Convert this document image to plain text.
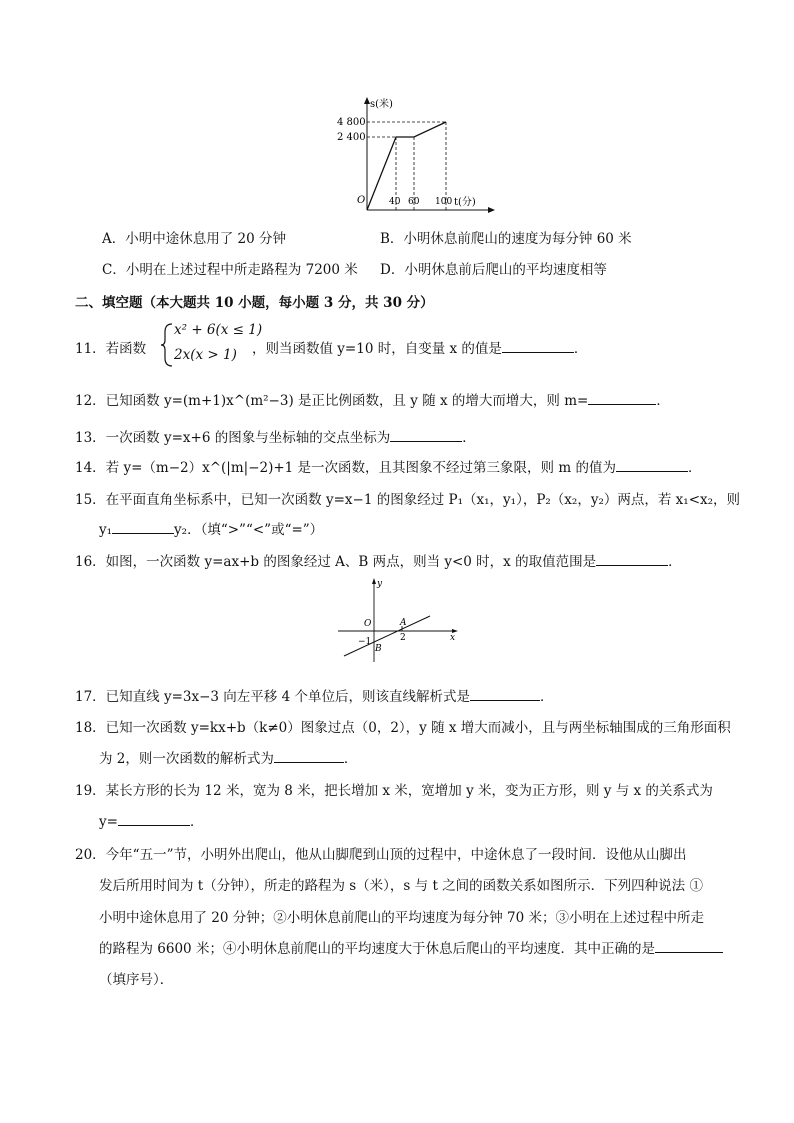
s(米)
4 800
2 400
O	40 60 100 t(分)
A．小明中途休息用了 20 分钟	B．小明休息前爬山的速度为每分钟 60 米
C．小明在上述过程中所走路程为 7200 米 D．小明休息前后爬山的平均速度相等
二、填空题（本大题共 10 小题，每小题 3 分，共 30 分）
11．若函数
x² + 6(x ≤ 1)
2x(x > 1) ，则当函数值 y=10 时，自变量 x 的值是	．
12．已知函数 y=(m+1)x^(m²−3) 是正比例函数，且 y 随 x 的增大而增大，则 m=	．
13．一次函数 y=x+6 的图象与坐标轴的交点坐标为	．
14．若 y=（m−2）x^(|m|−2)+1 是一次函数，且其图象不经过第三象限，则 m 的值为	．
15．在平面直角坐标系中，已知一次函数 y=x−1 的图象经过 P₁（x₁，y₁），P₂（x₂，y₂）两点，若 x₁<x₂，则
y₁	y₂．（填“>”“<”或“=”）
16．如图，一次函数 y=ax+b 的图象经过 A、B 两点，则当 y<0 时，x 的取值范围是	．
y
x
O	A
B
2
−1
17．已知直线 y=3x−3 向左平移 4 个单位后，则该直线解析式是	．
18．已知一次函数 y=kx+b（k≠0）图象过点（0，2），y 随 x 增大而减小，且与两坐标轴围成的三角形面积
为 2，则一次函数的解析式为	．
19．某长方形的长为 12 米，宽为 8 米，把长增加 x 米，宽增加 y 米，变为正方形，则 y 与 x 的关系式为
y=	．
20．今年“五一”节，小明外出爬山，他从山脚爬到山顶的过程中，中途休息了一段时间．设他从山脚出
发后所用时间为 t（分钟），所走的路程为 s（米），s 与 t 之间的函数关系如图所示．下列四种说法 ①
小明中途休息用了 20 分钟；②小明休息前爬山的平均速度为每分钟 70 米；③小明在上述过程中所走
的路程为 6600 米；④小明休息前爬山的平均速度大于休息后爬山的平均速度．其中正确的是
（填序号）．
